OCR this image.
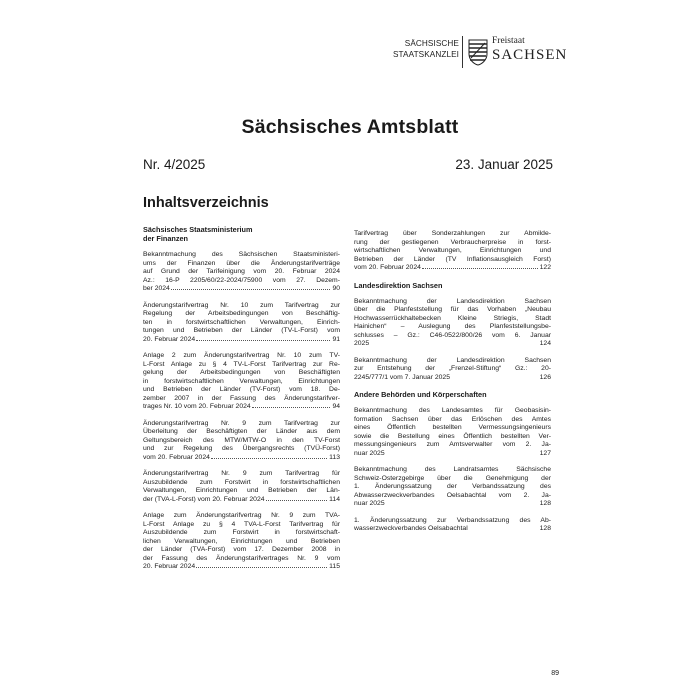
SÄCHSISCHE
STAATSKANZLEI
Freistaat
SACHSEN
Sächsisches Amtsblatt
Nr. 4/2025	23. Januar 2025
Inhaltsverzeichnis
Sächsisches Staatsministerium
der Finanzen
Bekanntmachung des Sächsischen Staatsministeri-
ums der Finanzen über die Änderungstarifverträge
auf Grund der Tarifeinigung vom 20. Februar 2024
Az.: 16-P 2205/60/22-2024/75900 vom 27. Dezem-
ber 2024	90
Änderungstarifvertrag Nr. 10 zum Tarifvertrag zur
Regelung der Arbeitsbedingungen von Beschäftig-
ten in forstwirtschaftlichen Verwaltungen, Einrich-
tungen und Betrieben der Länder (TV-L-Forst) vom
20. Februar 2024	91
Anlage 2 zum Änderungstarifvertrag Nr. 10 zum TV-
L-Forst Anlage zu § 4 TV-L-Forst Tarifvertrag zur Re-
gelung der Arbeitsbedingungen von Beschäftigten
in forstwirtschaftlichen Verwaltungen, Einrichtungen
und Betrieben der Länder (TV-Forst) vom 18. De-
zember 2007 in der Fassung des Änderungstarifver-
trages Nr. 10 vom 20. Februar 2024	94
Änderungstarifvertrag Nr. 9 zum Tarifvertrag zur
Überleitung der Beschäftigten der Länder aus dem
Geltungsbereich des MTW/MTW-O in den TV-Forst
und zur Regelung des Übergangsrechts (TVÜ-Forst)
vom 20. Februar 2024	113
Änderungstarifvertrag Nr. 9 zum Tarifvertrag für
Auszubildende zum Forstwirt in forstwirtschaftlichen
Verwaltungen, Einrichtungen und Betrieben der Län-
der (TVA-L-Forst) vom 20. Februar 2024	114
Anlage zum Änderungstarifvertrag Nr. 9 zum TVA-
L-Forst Anlage zu § 4 TVA-L-Forst Tarifvertrag für
Auszubildende zum Forstwirt in forstwirtschaft-
lichen Verwaltungen, Einrichtungen und Betrieben
der Länder (TVA-Forst) vom 17. Dezember 2008 in
der Fassung des Änderungstarifvertrages Nr. 9 vom
20. Februar 2024	115
Tarifvertrag über Sonderzahlungen zur Abmilde-
rung der gestiegenen Verbraucherpreise in forst-
wirtschaftlichen Verwaltungen, Einrichtungen und
Betrieben der Länder (TV Inflationsausgleich Forst)
vom 20. Februar 2024	122
Landesdirektion Sachsen
Bekanntmachung der Landesdirektion Sachsen
über die Planfeststellung für das Vorhaben „Neubau
Hochwasserrückhaltebecken Kleine Striegis, Stadt
Hainichen“ – Auslegung des Planfeststellungsbe-
schlusses – Gz.: C46-0522/800/26 vom 6. Januar
2025	124
Bekanntmachung der Landesdirektion Sachsen
zur Entstehung der „Frenzel-Stiftung“ Gz.: 20-
2245/777/1 vom 7. Januar 2025	126
Andere Behörden und Körperschaften
Bekanntmachung des Landesamtes für Geobasisin-
formation Sachsen über das Erlöschen des Amtes
eines Öffentlich bestellten Vermessungsingenieurs
sowie die Bestellung eines Öffentlich bestellten Ver-
messungsingenieurs zum Amtsverwalter vom 2. Ja-
nuar 2025	127
Bekanntmachung des Landratsamtes Sächsische
Schweiz-Osterzgebirge über die Genehmigung der
1. Änderungssatzung der Verbandssatzung des
Abwasserzweckverbandes Oelsabachtal vom 2. Ja-
nuar 2025	128
1. Änderungssatzung zur Verbandssatzung des Ab-
wasserzweckverbandes Oelsabachtal	128
89
